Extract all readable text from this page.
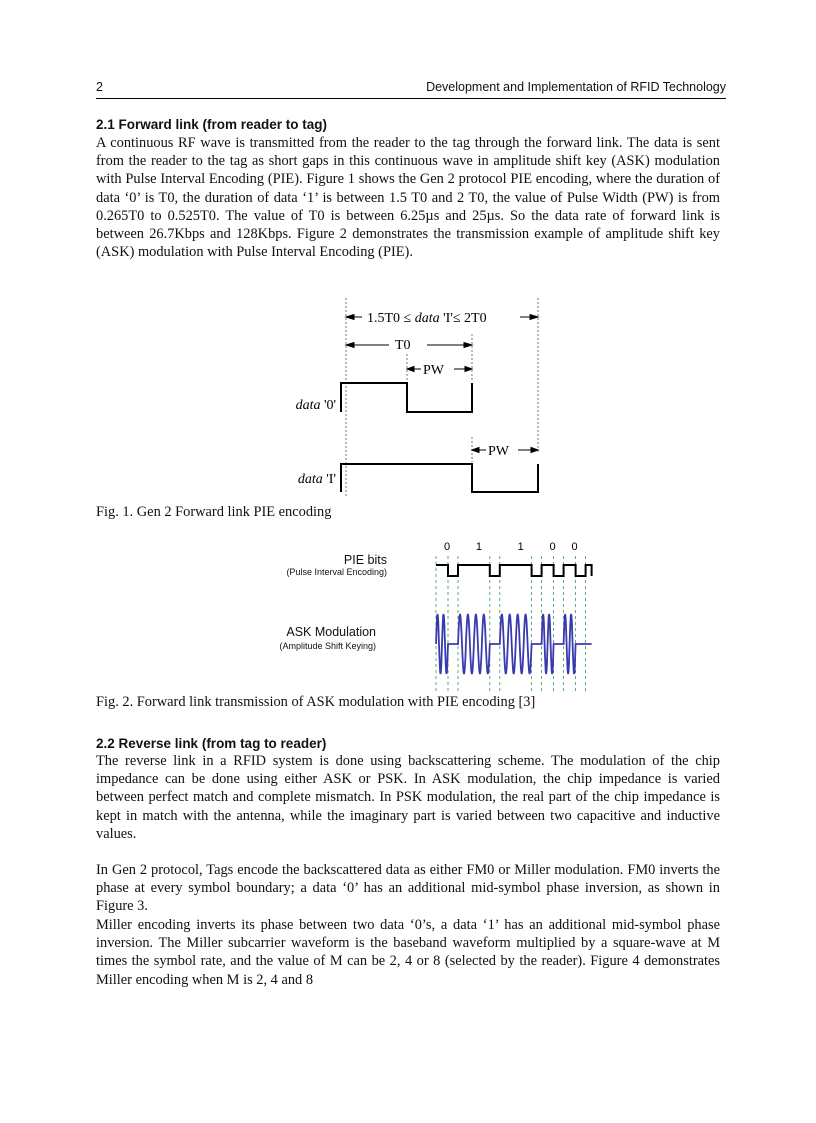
2	Development and Implementation of RFID Technology
2.1 Forward link (from reader to tag)

A continuous RF wave is transmitted from the reader to the tag through the forward link. The data is sent from the reader to the tag as short gaps in this continuous wave in amplitude shift key (ASK) modulation with Pulse Interval Encoding (PIE). Figure 1 shows the Gen 2 protocol PIE encoding, where the duration of data ‘0’ is T0, the duration of data ‘1’ is between 1.5 T0 and 2 T0, the value of Pulse Width (PW) is from 0.265T0 to 0.525T0. The value of T0 is between 6.25µs and 25µs. So the data rate of forward link is between 26.7Kbps and 128Kbps. Figure 2 demonstrates the transmission example of amplitude shift key (ASK) modulation with Pulse Interval Encoding (PIE).

1.5T0 ≤ data 'I'≤ 2T0
T0
PW
PW
data '0'
data 'I'

Fig. 1. Gen 2 Forward link PIE encoding

PIE bits
(Pulse Interval Encoding)
ASK Modulation
(Amplitude Shift Keying)
0 1	1 0 0

Fig. 2. Forward link transmission of ASK modulation with PIE encoding [3]

2.2 Reverse link (from tag to reader)

The reverse link in a RFID system is done using backscattering scheme. The modulation of the chip impedance can be done using either ASK or PSK. In ASK modulation, the chip impedance is varied between perfect match and complete mismatch. In PSK modulation, the real part of the chip impedance is kept in match with the antenna, while the imaginary part is varied between two capacitive and inductive values.

In Gen 2 protocol, Tags encode the backscattered data as either FM0 or Miller modulation. FM0 inverts the phase at every symbol boundary; a data ‘0’ has an additional mid-symbol phase inversion, as shown in Figure 3.

Miller encoding inverts its phase between two data ‘0’s, a data ‘1’ has an additional mid-symbol phase inversion. The Miller subcarrier waveform is the baseband waveform multiplied by a square-wave at M times the symbol rate, and the value of M can be 2, 4 or 8 (selected by the reader). Figure 4 demonstrates Miller encoding when M is 2, 4 and 8
